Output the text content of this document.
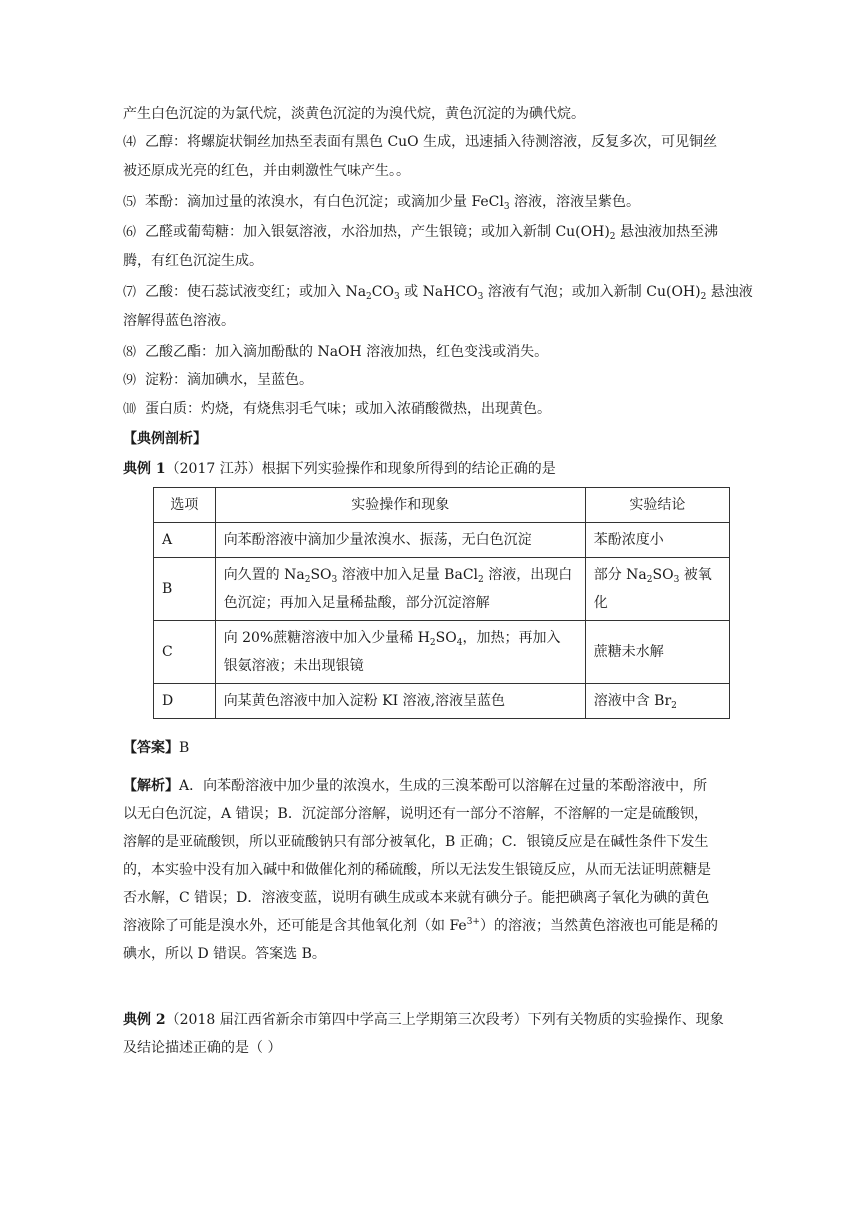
产生白色沉淀的为氯代烷，淡黄色沉淀的为溴代烷，黄色沉淀的为碘代烷。

⑷ 乙醇：将螺旋状铜丝加热至表面有黑色 CuO 生成，迅速插入待测溶液，反复多次，可见铜丝
被还原成光亮的红色，并由刺激性气味产生。。

⑸ 苯酚：滴加过量的浓溴水，有白色沉淀；或滴加少量 FeCl$_3$ 溶液，溶液呈紫色。

⑹ 乙醛或葡萄糖：加入银氨溶液，水浴加热，产生银镜；或加入新制 $Cu(OH)_2$ 悬浊液加热至沸
腾，有红色沉淀生成。

⑺ 乙酸：使石蕊试液变红；或加入 $Na_2CO_3$ 或 NaHCO$_3$ 溶液有气泡；或加入新制 $Cu(OH)_2$ 悬浊液
溶解得蓝色溶液。

⑻ 乙酸乙酯：加入滴加酚酞的 NaOH 溶液加热，红色变浅或消失。

⑼ 淀粉：滴加碘水，呈蓝色。

⑽ 蛋白质：灼烧，有烧焦羽毛气味；或加入浓硝酸微热，出现黄色。

【典例剖析】

典例 1（2017 江苏）根据下列实验操作和现象所得到的结论正确的是

选项	实验操作和现象	实验结论
A	向苯酚溶液中滴加少量浓溴水、振荡，无白色沉淀	苯酚浓度小
B	向久置的 $Na_2SO_3$ 溶液中加入足量 BaCl$_2$ 溶液，出现白
色沉淀；再加入足量稀盐酸，部分沉淀溶解	部分 $Na_2SO_3$ 被氧化
C	向 20%蔗糖溶液中加入少量稀 $H_2SO_4$，加热；再加入
银氨溶液；未出现银镜	蔗糖未水解
D	向某黄色溶液中加入淀粉 KI 溶液,溶液呈蓝色	溶液中含 $Br_2$

【答案】B

【解析】A．向苯酚溶液中加少量的浓溴水，生成的三溴苯酚可以溶解在过量的苯酚溶液中，所
以无白色沉淀，A 错误；B．沉淀部分溶解，说明还有一部分不溶解，不溶解的一定是硫酸钡，
溶解的是亚硫酸钡，所以亚硫酸钠只有部分被氧化，B 正确；C．银镜反应是在碱性条件下发生
的，本实验中没有加入碱中和做催化剂的稀硫酸，所以无法发生银镜反应，从而无法证明蔗糖是
否水解，C 错误；D．溶液变蓝，说明有碘生成或本来就有碘分子。能把碘离子氧化为碘的黄色
溶液除了可能是溴水外，还可能是含其他氧化剂（如 $Fe^{3+}$）的溶液；当然黄色溶液也可能是稀的
碘水，所以 D 错误。答案选 B。
典例 2（2018 届江西省新余市第四中学高三上学期第三次段考）下列有关物质的实验操作、现象
及结论描述正确的是（ ）
